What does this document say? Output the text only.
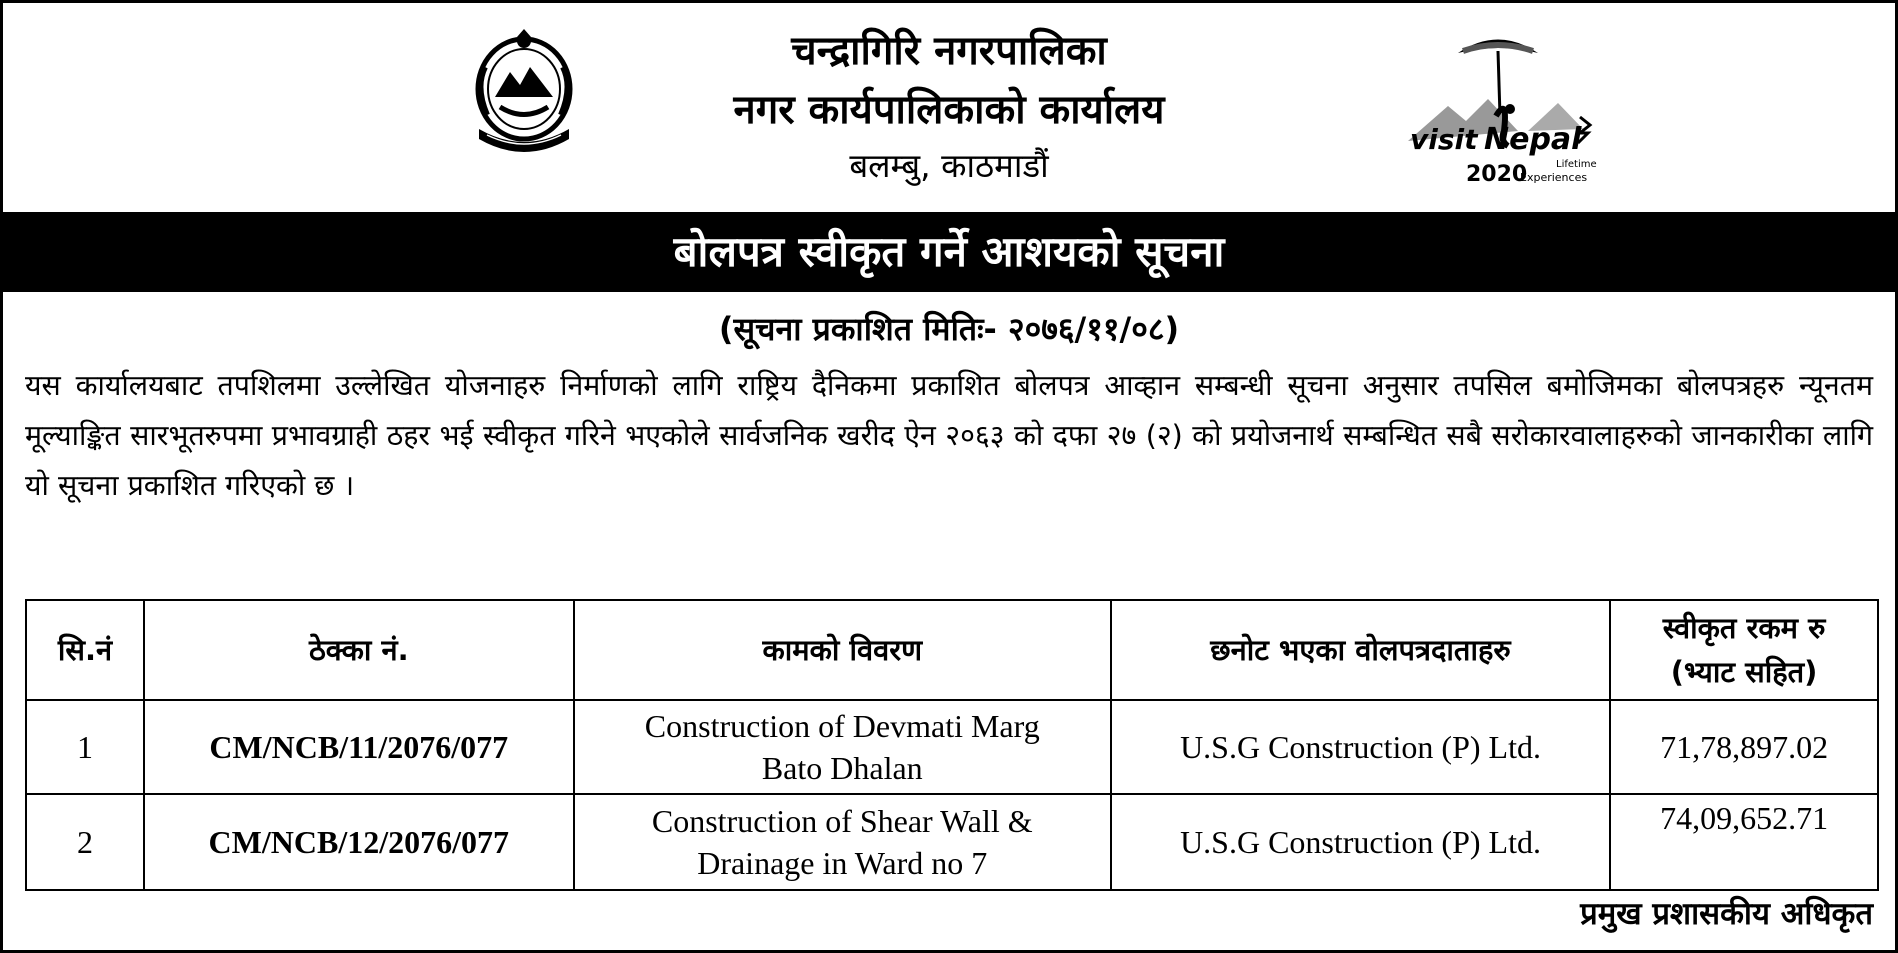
चन्द्रागिरि नगरपालिका
नगर कार्यपालिकाको कार्यालय
बलम्बु, काठमाडौं
visit Nepal
2020	Lifetime
Experiences
बोलपत्र स्वीकृत गर्ने आशयको सूचना
(सूचना प्रकाशित मितिः- २०७६/११/०८)
यस कार्यालयबाट तपशिलमा उल्लेखित योजनाहरु निर्माणको लागि राष्ट्रिय दैनिकमा प्रकाशित बोलपत्र आव्हान सम्बन्धी सूचना अनुसार तपसिल बमोजिमका बोलपत्रहरु न्यूनतम मूल्याङ्कित सारभूतरुपमा प्रभावग्राही ठहर भई स्वीकृत गरिने भएकोले सार्वजनिक खरीद ऐन २०६३ को दफा २७ (२) को प्रयोजनार्थ सम्बन्धित सबै सरोकारवालाहरुको जानकारीका लागि यो सूचना प्रकाशित गरिएको छ ।
सि.नं	ठेक्का नं.	कामको विवरण	छनोट भएका वोलपत्रदाताहरु	स्वीकृत रकम रु
(भ्याट सहित)

1	CM/NCB/11/2076/077	Construction of Devmati Marg
Bato Dhalan	U.S.G Construction (P) Ltd.	71,78,897.02
2	CM/NCB/12/2076/077	Construction of Shear Wall &
Drainage in Ward no 7	U.S.G Construction (P) Ltd.	74,09,652.71
प्रमुख प्रशासकीय अधिकृत
